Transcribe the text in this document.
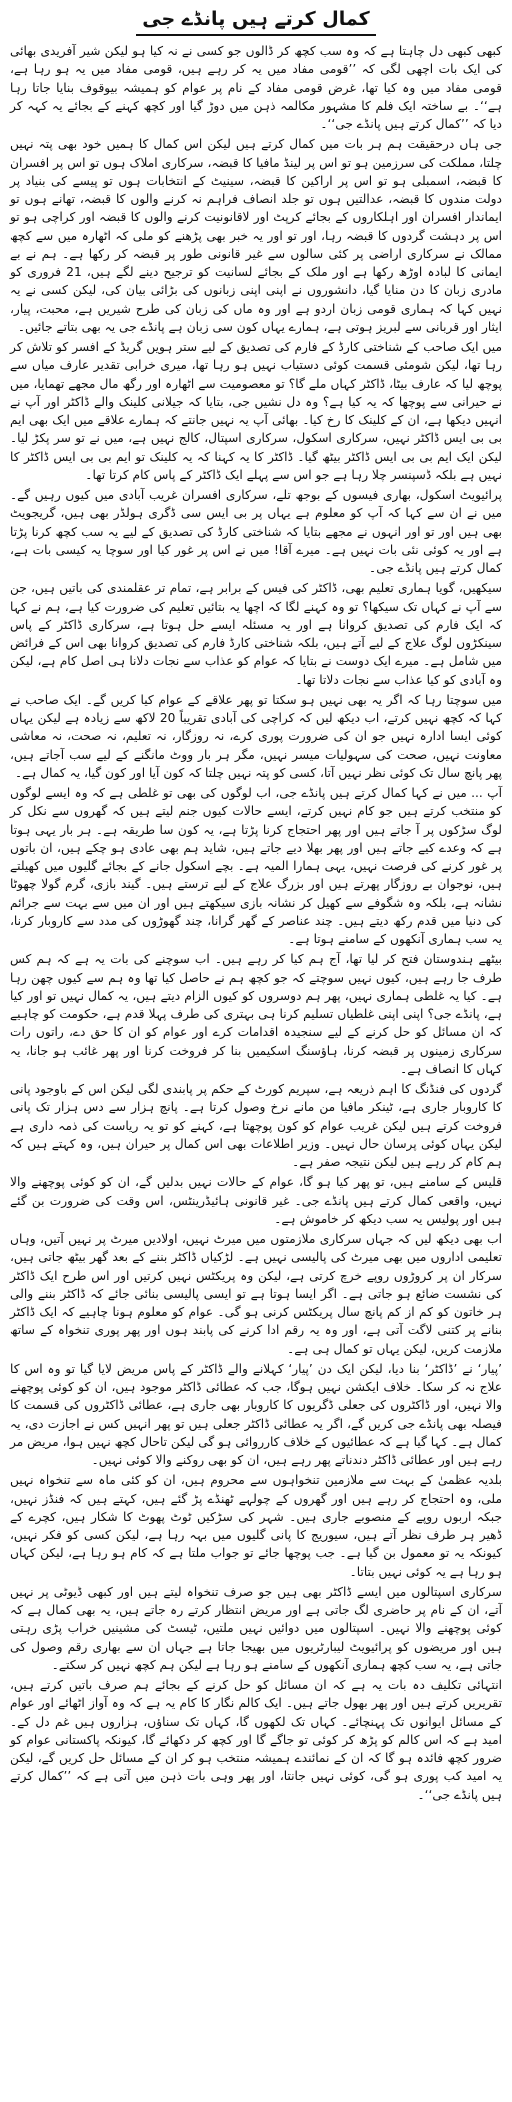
کمال کرتے ہیں پانڈے جی

کبھی کبھی دل چاہتا ہے کہ وہ سب کچھ کر ڈالوں جو کسی نے نہ کیا ہو لیکن شیر آفریدی بھائی کی ایک بات اچھی لگی کہ ’’قومی مفاد میں یہ کر رہے ہیں، قومی مفاد میں یہ ہو رہا ہے، قومی مفاد میں وہ کیا تھا، غرض قومی مفاد کے نام پر عوام کو ہمیشہ بیوقوف بنایا جاتا رہا ہے‘‘۔ بے ساختہ ایک فلم کا مشہور مکالمہ ذہن میں دوڑ گیا اور کچھ کہنے کے بجائے یہ کہہ کر دیا کہ ’’کمال کرتے ہیں پانڈے جی‘‘۔

جی ہاں درحقیقت ہم ہر بات میں کمال کرتے ہیں لیکن اس کمال کا ہمیں خود بھی پتہ نہیں چلتا، مملکت کی سرزمین ہو تو اس پر لینڈ مافیا کا قبضہ، سرکاری املاک ہوں تو اس پر افسران کا قبضہ، اسمبلی ہو تو اس پر اراکین کا قبضہ، سینیٹ کے انتخابات ہوں تو پیسے کی بنیاد پر دولت مندوں کا قبضہ، عدالتیں ہوں تو جلد انصاف فراہم نہ کرنے والوں کا قبضہ، تھانے ہوں تو ایماندار افسران اور اہلکاروں کے بجائے کرپٹ اور لاقانونیت کرنے والوں کا قبضہ اور کراچی ہو تو اس پر دہشت گردوں کا قبضہ رہا، اور تو اور یہ خبر بھی پڑھنے کو ملی کہ اٹھارہ میں سے کچھ ممالک نے سرکاری اراضی پر کئی سالوں سے غیر قانونی طور پر قبضہ کر رکھا ہے۔ ہم نے بے ایمانی کا لبادہ اوڑھ رکھا ہے اور ملک کے بجائے لسانیت کو ترجیح دینے لگے ہیں، 21 فروری کو مادری زبان کا دن منایا گیا، دانشوروں نے اپنی اپنی زبانوں کی بڑائی بیان کی، لیکن کسی نے یہ نہیں کہا کہ ہماری قومی زبان اردو ہے اور وہ ماں کی زبان کی طرح شیریں ہے، محبت، پیار، ایثار اور قربانی سے لبریز ہوتی ہے، ہمارے یہاں کون سی زبان ہے پانڈے جی یہ بھی بتاتے جائیں۔

میں ایک صاحب کے شناختی کارڈ کے فارم کی تصدیق کے لیے ستر ہویں گریڈ کے افسر کو تلاش کر رہا تھا، لیکن شومئی قسمت کوئی دستیاب نہیں ہو رہا تھا، میری خرابی تقدیر عارف میاں سے پوچھ لیا کہ عارف بیٹا، ڈاکٹر کہاں ملے گا؟ تو معصومیت سے اٹھارہ اور رگھ مال مجھے تھمایا، میں نے حیرانی سے پوچھا کہ یہ کیا ہے؟ وہ دل نشیں جی، بتایا کہ جیلانی کلینک والے ڈاکٹر اور آپ نے انہیں دیکھا ہے، ان کے کلینک کا رخ کیا۔ بھائی آپ یہ نہیں جانتے کہ ہمارے علاقے میں ایک بھی ایم بی بی ایس ڈاکٹر نہیں، سرکاری اسکول، سرکاری اسپتال، کالج نہیں ہے، میں نے تو سر پکڑ لیا۔ لیکن ایک ایم بی بی ایس ڈاکٹر بیٹھ گیا۔ ڈاکٹر کا یہ کہنا کہ یہ کلینک تو ایم بی بی ایس ڈاکٹر کا نہیں ہے بلکہ ڈسپنسر چلا رہا ہے جو اس سے پہلے ایک ڈاکٹر کے پاس کام کرتا تھا۔

پرائیویٹ اسکول، بھاری فیسوں کے بوجھ تلے، سرکاری افسران غریب آبادی میں کیوں رہیں گے۔ میں نے ان سے کہا کہ آپ کو معلوم ہے یہاں پر بی ایس سی ڈگری ہولڈر بھی ہیں، گریجویٹ بھی ہیں اور تو اور انہوں نے مجھے بتایا کہ شناختی کارڈ کی تصدیق کے لیے یہ سب کچھ کرنا پڑتا ہے اور یہ کوئی نئی بات نہیں ہے۔ میرے آقا! میں نے اس پر غور کیا اور سوچا یہ کیسی بات ہے، کمال کرتے ہیں پانڈے جی۔

سیکھیں، گویا ہماری تعلیم بھی، ڈاکٹر کی فیس کے برابر ہے، تمام تر عقلمندی کی باتیں ہیں، جن سے آپ نے کہاں تک سیکھا؟ تو وہ کہنے لگا کہ اچھا یہ بتائیں تعلیم کی ضرورت کیا ہے، ہم نے کہا کہ ایک فارم کی تصدیق کروانا ہے اور یہ مسئلہ ایسے حل ہوتا ہے، سرکاری ڈاکٹر کے پاس سینکڑوں لوگ علاج کے لیے آتے ہیں، بلکہ شناختی کارڈ فارم کی تصدیق کروانا بھی اس کے فرائض میں شامل ہے۔ میرے ایک دوست نے بتایا کہ عوام کو عذاب سے نجات دلانا ہی اصل کام ہے، لیکن وہ آبادی کو کیا عذاب سے نجات دلاتا تھا۔

میں سوچتا رہا کہ اگر یہ بھی نہیں ہو سکتا تو پھر علاقے کے عوام کیا کریں گے۔ ایک صاحب نے کہا کہ کچھ نہیں کرتے، اب دیکھ لیں کہ کراچی کی آبادی تقریباً 20 لاکھ سے زیادہ ہے لیکن یہاں کوئی ایسا ادارہ نہیں جو ان کی ضرورت پوری کرے، نہ روزگار، نہ تعلیم، نہ صحت، نہ معاشی معاونت نہیں، صحت کی سہولیات میسر نہیں، مگر ہر بار ووٹ مانگنے کے لیے سب آجاتے ہیں، پھر پانچ سال تک کوئی نظر نہیں آتا، کسی کو پتہ نہیں چلتا کہ کون آیا اور کون گیا، یہ کمال ہے۔

آپ ... میں نے کہا کمال کرتے ہیں پانڈے جی، اب لوگوں کی بھی تو غلطی ہے کہ وہ ایسے لوگوں کو منتخب کرتے ہیں جو کام نہیں کرتے، ایسے حالات کیوں جنم لیتے ہیں کہ گھروں سے نکل کر لوگ سڑکوں پر آ جاتے ہیں اور پھر احتجاج کرنا پڑتا ہے، یہ کون سا طریقہ ہے۔ ہر بار یہی ہوتا ہے کہ وعدے کیے جاتے ہیں اور پھر بھلا دیے جاتے ہیں، شاید ہم بھی عادی ہو چکے ہیں، ان باتوں پر غور کرنے کی فرصت نہیں، یہی ہمارا المیہ ہے۔ بچے اسکول جانے کے بجائے گلیوں میں کھیلتے ہیں، نوجوان بے روزگار پھرتے ہیں اور بزرگ علاج کے لیے ترستے ہیں۔ گیند بازی، گرم گولا چھوٹا نشانہ ہے، بلکہ وہ شگوفے سے کھیل کر نشانہ بازی سیکھتے ہیں اور ان میں سے بہت سے جرائم کی دنیا میں قدم رکھ دیتے ہیں۔ چند عناصر کے گھر گرانا، چند گھوڑوں کی مدد سے کاروبار کرنا، یہ سب ہماری آنکھوں کے سامنے ہوتا ہے۔

بیٹھے ہندوستان فتح کر لیا تھا، آج ہم کیا کر رہے ہیں۔ اب سوچنے کی بات یہ ہے کہ ہم کس طرف جا رہے ہیں، کیوں نہیں سوچتے کہ جو کچھ ہم نے حاصل کیا تھا وہ ہم سے کیوں چھن رہا ہے۔ کیا یہ غلطی ہماری نہیں، پھر ہم دوسروں کو کیوں الزام دیتے ہیں، یہ کمال نہیں تو اور کیا ہے، پانڈے جی؟ اپنی اپنی غلطیاں تسلیم کرنا ہی بہتری کی طرف پہلا قدم ہے، حکومت کو چاہیے کہ ان مسائل کو حل کرنے کے لیے سنجیدہ اقدامات کرے اور عوام کو ان کا حق دے، راتوں رات سرکاری زمینوں پر قبضہ کرنا، ہاؤسنگ اسکیمیں بنا کر فروخت کرنا اور پھر غائب ہو جانا، یہ کہاں کا انصاف ہے۔

گردوں کی فنڈنگ کا اہم ذریعہ ہے، سپریم کورٹ کے حکم پر پابندی لگی لیکن اس کے باوجود پانی کا کاروبار جاری ہے، ٹینکر مافیا من مانے نرخ وصول کرتا ہے۔ پانچ ہزار سے دس ہزار تک پانی فروخت کرتے ہیں لیکن غریب عوام کو کون پوچھتا ہے، کہنے کو تو یہ ریاست کی ذمہ داری ہے لیکن یہاں کوئی پرسان حال نہیں۔ وزیر اطلاعات بھی اس کمال پر حیران ہیں، وہ کہتے ہیں کہ ہم کام کر رہے ہیں لیکن نتیجہ صفر ہے۔

قلیس کے سامنے ہیں، تو پھر کیا ہو گا، عوام کے حالات نہیں بدلیں گے، ان کو کوئی پوچھنے والا نہیں، واقعی کمال کرتے ہیں پانڈے جی۔ غیر قانونی ہائیڈرینٹس، اس وقت کی ضرورت بن گئے ہیں اور پولیس یہ سب دیکھ کر خاموش ہے۔

اب بھی دیکھ لیں کہ جہاں سرکاری ملازمتوں میں میرٹ نہیں، اولادیں میرٹ پر نہیں آتیں، وہاں تعلیمی اداروں میں بھی میرٹ کی پالیسی نہیں ہے۔ لڑکیاں ڈاکٹر بننے کے بعد گھر بیٹھ جاتی ہیں، سرکار ان پر کروڑوں روپے خرچ کرتی ہے، لیکن وہ پریکٹس نہیں کرتیں اور اس طرح ایک ڈاکٹر کی نشست ضائع ہو جاتی ہے۔ اگر ایسا ہوتا ہے تو ایسی پالیسی بنائی جائے کہ ڈاکٹر بننے والی ہر خاتون کو کم از کم پانچ سال پریکٹس کرنی ہو گی۔ عوام کو معلوم ہونا چاہیے کہ ایک ڈاکٹر بنانے پر کتنی لاگت آتی ہے، اور وہ یہ رقم ادا کرنے کی پابند ہوں اور پھر پوری تنخواہ کے ساتھ ملازمت کریں، لیکن یہاں تو کمال ہی ہے۔

’پیار‘ نے ’ڈاکٹر‘ بنا دیا، لیکن ایک دن ’پیار‘ کہلانے والے ڈاکٹر کے پاس مریض لایا گیا تو وہ اس کا علاج نہ کر سکا۔ خلاف ایکشن نہیں ہوگا، جب کہ عطائی ڈاکٹر موجود ہیں، ان کو کوئی پوچھنے والا نہیں، اور ڈاکٹروں کی جعلی ڈگریوں کا کاروبار بھی جاری ہے، عطائی ڈاکٹروں کی قسمت کا فیصلہ بھی پانڈے جی کریں گے، اگر یہ عطائی ڈاکٹر جعلی ہیں تو پھر انہیں کس نے اجازت دی، یہ کمال ہے۔ کہا گیا ہے کہ عطائیوں کے خلاف کارروائی ہو گی لیکن تاحال کچھ نہیں ہوا، مریض مر رہے ہیں اور عطائی ڈاکٹر دندناتے پھر رہے ہیں، ان کو بھی روکنے والا کوئی نہیں۔

بلدیہ عظمیٰ کے بہت سے ملازمین تنخواہوں سے محروم ہیں، ان کو کئی ماہ سے تنخواہ نہیں ملی، وہ احتجاج کر رہے ہیں اور گھروں کے چولہے ٹھنڈے پڑ گئے ہیں، کہتے ہیں کہ فنڈز نہیں، جبکہ اربوں روپے کے منصوبے جاری ہیں۔ شہر کی سڑکیں ٹوٹ پھوٹ کا شکار ہیں، کچرے کے ڈھیر ہر طرف نظر آتے ہیں، سیوریج کا پانی گلیوں میں بہہ رہا ہے، لیکن کسی کو فکر نہیں، کیونکہ یہ تو معمول بن گیا ہے۔ جب پوچھا جائے تو جواب ملتا ہے کہ کام ہو رہا ہے، لیکن کہاں ہو رہا ہے یہ کوئی نہیں بتاتا۔

سرکاری اسپتالوں میں ایسے ڈاکٹر بھی ہیں جو صرف تنخواہ لیتے ہیں اور کبھی ڈیوٹی پر نہیں آتے، ان کے نام پر حاضری لگ جاتی ہے اور مریض انتظار کرتے رہ جاتے ہیں، یہ بھی کمال ہے کہ کوئی پوچھنے والا نہیں۔ اسپتالوں میں دوائیں نہیں ملتیں، ٹیسٹ کی مشینیں خراب پڑی رہتی ہیں اور مریضوں کو پرائیویٹ لیبارٹریوں میں بھیجا جاتا ہے جہاں ان سے بھاری رقم وصول کی جاتی ہے، یہ سب کچھ ہماری آنکھوں کے سامنے ہو رہا ہے لیکن ہم کچھ نہیں کر سکتے۔

انتہائی تکلیف دہ بات یہ ہے کہ ان مسائل کو حل کرنے کے بجائے ہم صرف باتیں کرتے ہیں، تقریریں کرتے ہیں اور پھر بھول جاتے ہیں۔ ایک کالم نگار کا کام یہ ہے کہ وہ آواز اٹھائے اور عوام کے مسائل ایوانوں تک پہنچائے۔ کہاں تک لکھوں گا، کہاں تک سناؤں، ہزاروں ہیں غم دل کے۔ امید ہے کہ اس کالم کو پڑھ کر کوئی تو جاگے گا اور کچھ کر دکھائے گا، کیونکہ پاکستانی عوام کو ضرور کچھ فائدہ ہو گا کہ ان کے نمائندے ہمیشہ منتخب ہو کر ان کے مسائل حل کریں گے، لیکن یہ امید کب پوری ہو گی، کوئی نہیں جانتا، اور پھر وہی بات ذہن میں آتی ہے کہ ’’کمال کرتے ہیں پانڈے جی‘‘۔
